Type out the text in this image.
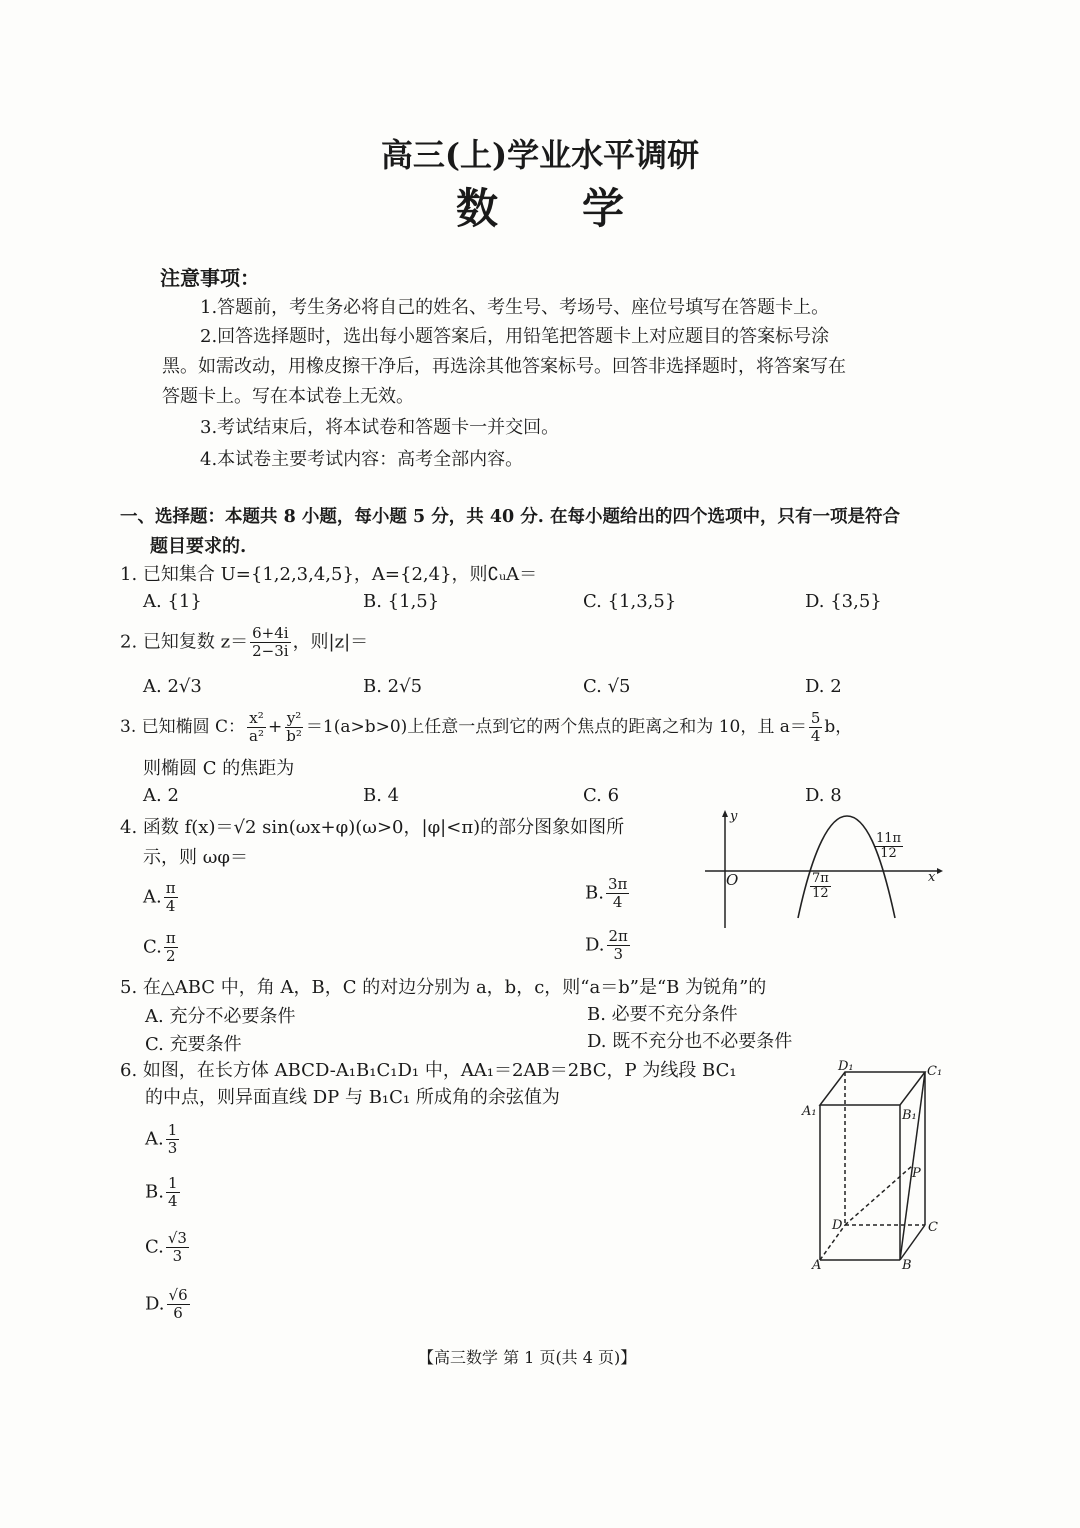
高三(上)学业水平调研
数　　学
注意事项：
1.答题前，考生务必将自己的姓名、考生号、考场号、座位号填写在答题卡上。
2.回答选择题时，选出每小题答案后，用铅笔把答题卡上对应题目的答案标号涂
黑。如需改动，用橡皮擦干净后，再选涂其他答案标号。回答非选择题时，将答案写在
答题卡上。写在本试卷上无效。
3.考试结束后，将本试卷和答题卡一并交回。
4.本试卷主要考试内容：高考全部内容。
一、选择题：本题共 8 小题，每小题 5 分，共 40 分. 在每小题给出的四个选项中，只有一项是符合
题目要求的.
1. 已知集合 U={1,2,3,4,5}，A={2,4}，则∁ᵤA＝
A. {1}	B. {1,5}	C. {1,3,5}	D. {3,5}
2. 已知复数 $z= \frac{6+4i}{2-3i}$ ，则|z|＝
A. 2√3	B. 2√5	C. √5	D. 2
3. 已知椭圆 C： $\frac{\text{x²}}{\text{a²}} + \frac{\text{y²}}{\text{b²}} =1(a>b>0)$上任意一点到它的两个焦点的距离之和为 10，且 $a= \frac{5}{4}$ b，
则椭圆 C 的焦距为
A. 2	B. 4	C. 6	D. 8
4. 函数 f(x)＝√2 sin(ωx+φ)(ω>0，|φ|<π)的部分图象如图所
示，则 ωφ＝
A. $\frac{\pi}{4}$	B. $\frac{3\pi}{4}$
C. $\frac{\pi}{2}$	D. $\frac{2\pi}{3}$
y
x
O	$\frac{7\pi}{12}$
$\frac{11\pi}{12}$
5. 在△ABC 中，角 A，B，C 的对边分别为 a，b，c，则“a＝b”是“B 为锐角”的
A. 充分不必要条件	B. 必要不充分条件
C. 充要条件	D. 既不充分也不必要条件
6. 如图，在长方体 ABCD-A₁B₁C₁D₁ 中，AA₁＝2AB＝2BC，P 为线段 BC₁
的中点，则异面直线 DP 与 B₁C₁ 所成角的余弦值为
A. $\frac{1}{3}$
B. $\frac{1}{4}$
C. $\frac{√3}{3}$
D. $\frac{√6}{6}$
D₁	C₁
A₁	B₁
P
D	C
A	B
【高三数学 第 1 页(共 4 页)】
